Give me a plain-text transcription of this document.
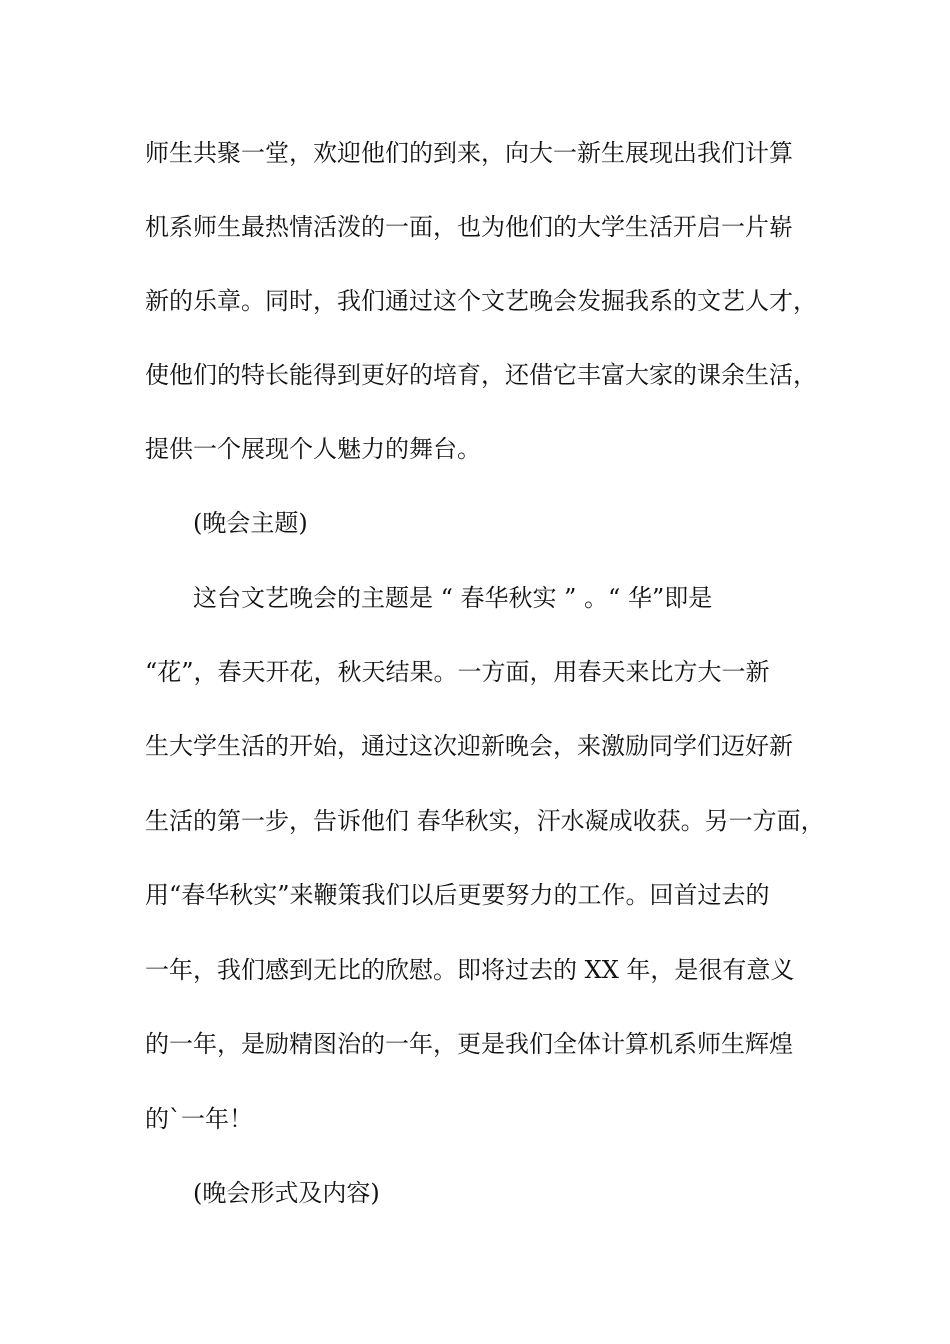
师生共聚一堂，欢迎他们的到来，向大一新生展现出我们计算

机系师生最热情活泼的一面，也为他们的大学生活开启一片崭

新的乐章。同时，我们通过这个文艺晚会发掘我系的文艺人才，

使他们的特长能得到更好的培育，还借它丰富大家的课余生活，

提供一个展现个人魅力的舞台。

(晚会主题)

这台文艺晚会的主题是 “ 春华秋实 ” 。“ 华”即是

“花”，春天开花，秋天结果。一方面，用春天来比方大一新

生大学生活的开始，通过这次迎新晚会，来激励同学们迈好新

生活的第一步，告诉他们 春华秋实，汗水凝成收获。另一方面，

用“春华秋实”来鞭策我们以后更要努力的工作。回首过去的

一年，我们感到无比的欣慰。即将过去的 XX 年，是很有意义

的一年，是励精图治的一年，更是我们全体计算机系师生辉煌

的`一年！

(晚会形式及内容)
